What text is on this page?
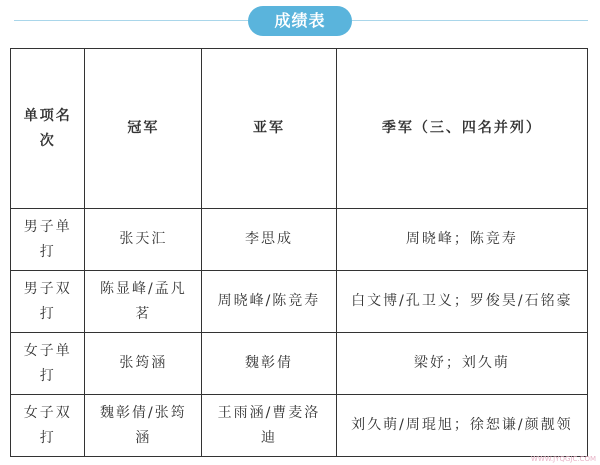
成绩表
单项名次	冠军	亚军	季军（三、四名并列）
男子单打	张天汇	李思成	周晓峰；陈竞寿
男子双打	陈显峰/孟凡茗	周晓峰/陈竞寿	白文博/孔卫义；罗俊昊/石铭豪
女子单打	张筠涵	魏彰倩	梁妤；刘久萌
女子双打	魏彰倩/张筠涵	王雨涵/曹麦洛迪	刘久萌/周琨旭；徐恕谦/颜靓领
WWW.JYQGJC.COM
